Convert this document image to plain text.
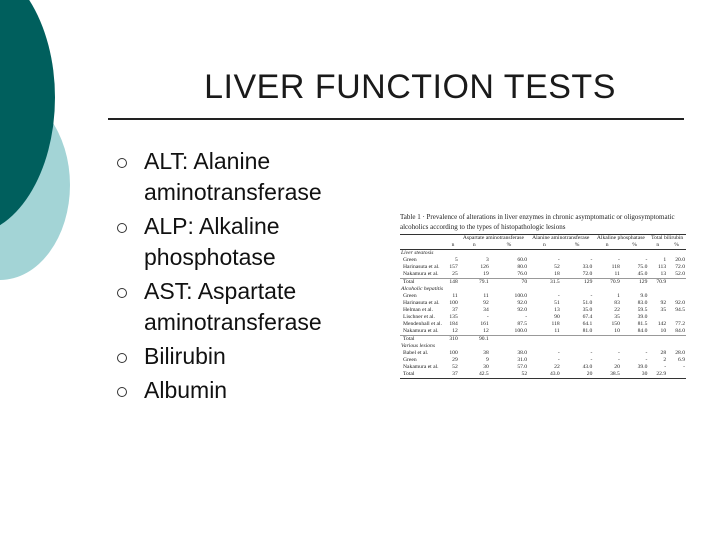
LIVER FUNCTION TESTS
ALT: Alanine aminotransferase
ALP: Alkaline phosphotase
AST: Aspartate aminotransferase
Bilirubin
Albumin
Table 1 · Prevalence of alterations in liver enzymes in chronic asymptomatic or oligosymptomatic alcoholics according to the types of histopathologic lesions
		Aspartate aminotransferase		Alanine aminotransferase		Alkaline phosphatase		Total bilirubin	
	n	n	%	n	%	n	%	n	%
Liver steatosis									
Green	5	3	60.0	-	-	-	-	1	20.0
Harinasuta et al.	157	126	80.0	52	33.0	118	75.0	113	72.0
Nakamura et al.	25	19	76.0	18	72.0	11	45.0	13	52.0
Total	148	79.1	70	31.5	129	70.9	129	70.9	
Alcoholic hepatitis									
Green	11	11	100.0	-	-	1	9.0		
Harinasuta et al.	100	92	92.0	51	51.0	83	83.0	92	92.0
Helman et al.	37	34	92.0	13	35.0	22	59.5	35	94.5
Lischner et al.	135	-	-	90	67.4	35	39.0		
Mendenhall et al.	184	161	87.5	118	64.1	150	81.5	142	77.2
Nakamura et al.	12	12	100.0	11	81.0	10	84.0	10	84.0
Total	310	90.1							
Various lesions									
Babel et al.	100	38	38.0	-	-	-	-	28	28.0
Green	29	9	31.0	-	-	-	-	2	6.9
Nakamura et al.	52	30	57.0	22	43.0	20	39.0	-	-
Total	37	42.5	52	43.0	20	38.5	30	22.9	
